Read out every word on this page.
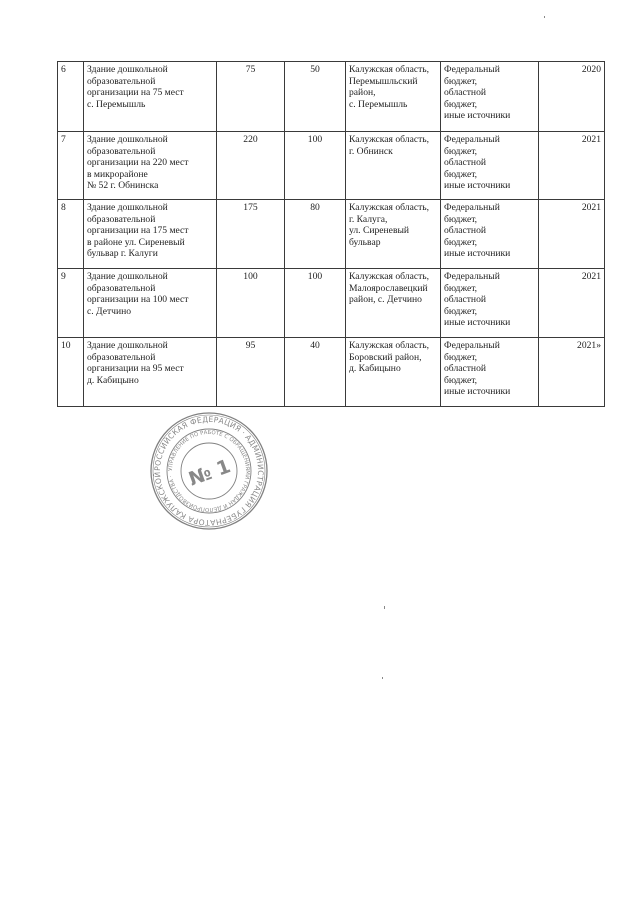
6	Здание дошкольной
образовательной
организации на 75 мест
с. Перемышль	75	50	Калужская область,
Перемышльский
район,
с. Перемышль	Федеральный
бюджет,
областной
бюджет,
иные источники	2020
7	Здание дошкольной
образовательной
организации на 220 мест
в микрорайоне
№ 52 г. Обнинска	220	100	Калужская область,
г. Обнинск	Федеральный
бюджет,
областной
бюджет,
иные источники	2021
8	Здание дошкольной
образовательной
организации на 175 мест
в районе ул. Сиреневый
бульвар г. Калуги	175	80	Калужская область,
г. Калуга,
ул. Сиреневый
бульвар	Федеральный
бюджет,
областной
бюджет,
иные источники	2021
9	Здание дошкольной
образовательной
организации на 100 мест
с. Детчино	100	100	Калужская область,
Малоярославецкий
район, с. Детчино	Федеральный
бюджет,
областной
бюджет,
иные источники	2021
10	Здание дошкольной
образовательной
организации на 95 мест
д. Кабицыно	95	40	Калужская область,
Боровский район,
д. Кабицыно	Федеральный
бюджет,
областной
бюджет,
иные источники	2021»
РОССИЙСКАЯ ФЕДЕРАЦИЯ · АДМИНИСТРАЦИЯ ГУБЕРНАТОРА КАЛУЖСКОЙ
УПРАВЛЕНИЕ ПО РАБОТЕ С ОБРАЩЕНИЯМИ ГРАЖДАН И ДЕЛОПРОИЗВОДСТВА · № 1
